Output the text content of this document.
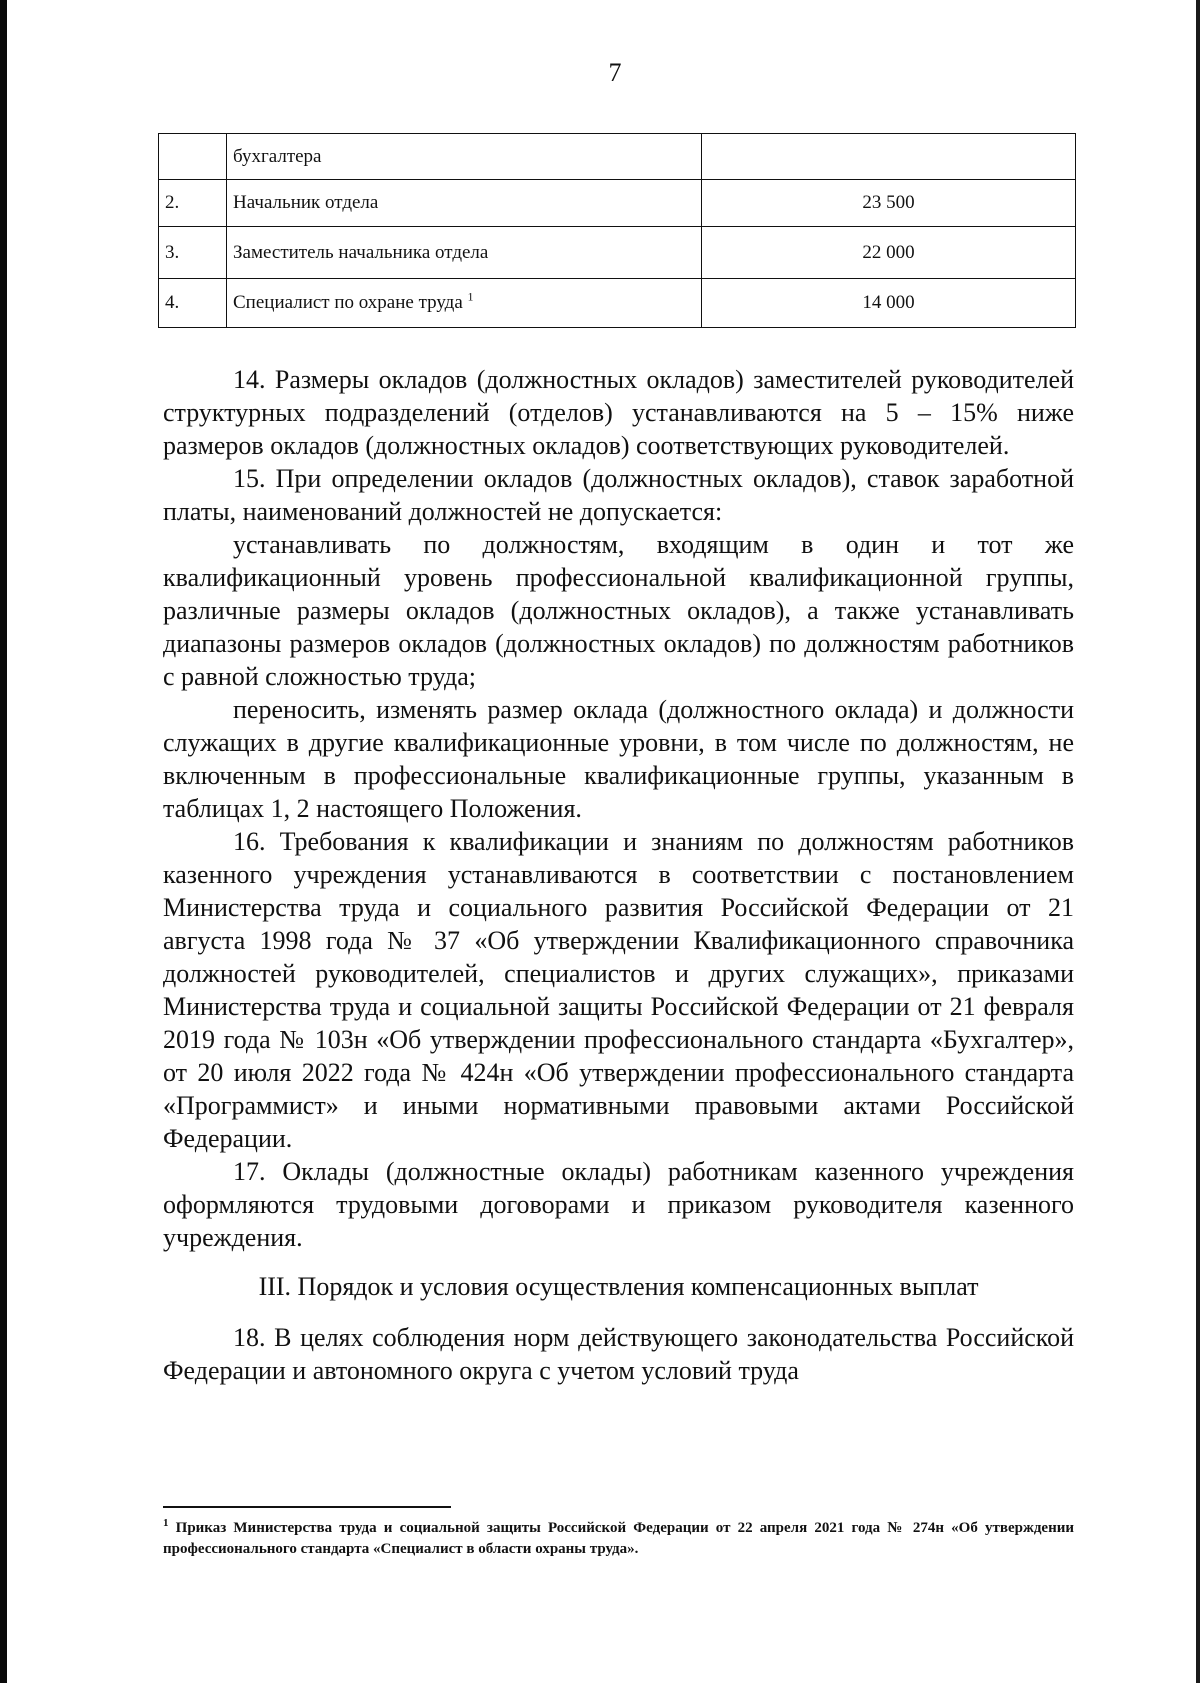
7
	бухгалтера	
2.	Начальник отдела	23 500
3.	Заместитель начальника отдела	22 000
4.	Специалист по охране труда $^1$	14 000

14. Размеры окладов (должностных окладов) заместителей руководителей структурных подразделений (отделов) устанавливаются на 5 – 15% ниже размеров окладов (должностных окладов) соответствующих руководителей.

15. При определении окладов (должностных окладов), ставок заработной платы, наименований должностей не допускается:

устанавливать по должностям, входящим в один и тот же квалификационный уровень профессиональной квалификационной группы, различные размеры окладов (должностных окладов), а также устанавливать диапазоны размеров окладов (должностных окладов) по должностям работников с равной сложностью труда;

переносить, изменять размер оклада (должностного оклада) и должности служащих в другие квалификационные уровни, в том числе по должностям, не включенным в профессиональные квалификационные группы, указанным в таблицах 1, 2 настоящего Положения.

16. Требования к квалификации и знаниям по должностям работников казенного учреждения устанавливаются в соответствии с постановлением Министерства труда и социального развития Российской Федерации от 21 августа 1998 года № 37 «Об утверждении Квалификационного справочника должностей руководителей, специалистов и других служащих», приказами Министерства труда и социальной защиты Российской Федерации от 21 февраля 2019 года № 103н «Об утверждении профессионального стандарта «Бухгалтер», от 20 июля 2022 года № 424н «Об утверждении профессионального стандарта «Программист» и иными нормативными правовыми актами Российской Федерации.

17. Оклады (должностные оклады) работникам казенного учреждения оформляются трудовыми договорами и приказом руководителя казенного учреждения.

III. Порядок и условия осуществления компенсационных выплат

18. В целях соблюдения норм действующего законодательства Российской Федерации и автономного округа с учетом условий труда

$^1$ Приказ Министерства труда и социальной защиты Российской Федерации от 22 апреля 2021 года № 274н «Об утверждении профессионального стандарта «Специалист в области охраны труда».
